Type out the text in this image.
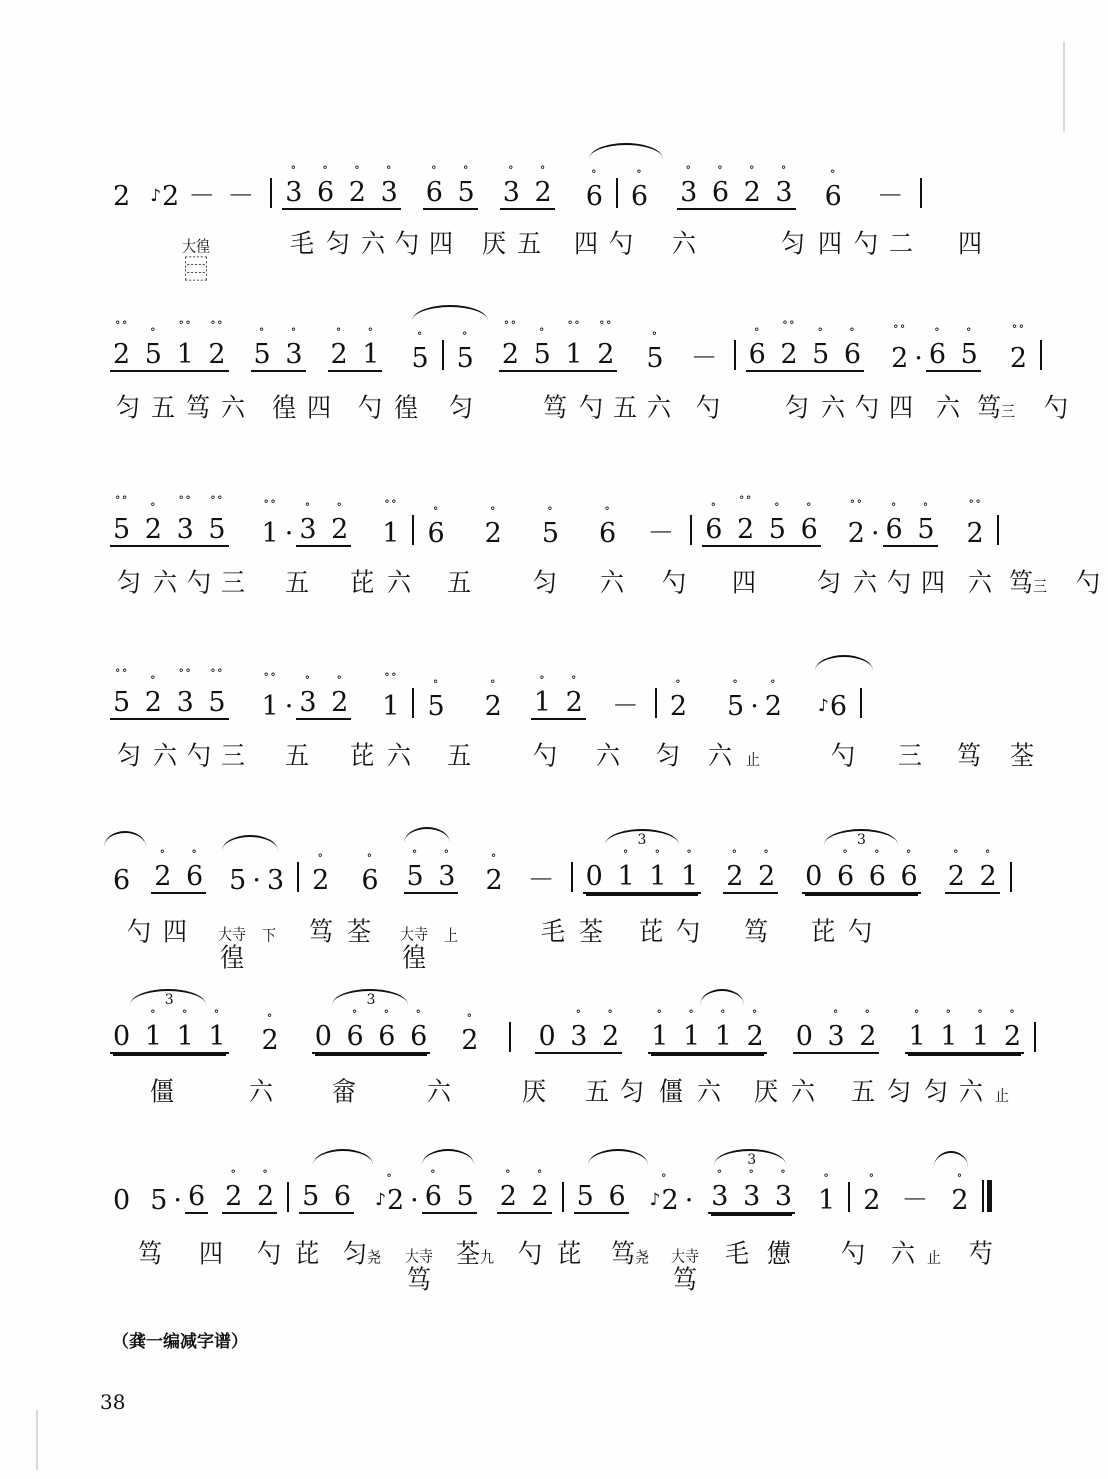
2 ♪2 － －
∘
3
∘
6
∘
2
∘
3
∘
6
∘
5
∘
3
∘
2
∘
6
∘
6
∘
3
∘
6
∘
2
∘
3
∘
6	－
大徨
⿳
毛 匀 六 勺 四 厌 五 四 勺	六	匀 四 勺 二 四
∘∘
2
∘
5
∘∘
1
∘∘
2
∘
5
∘
3
∘
2
∘
1
∘
5
∘
5
∘∘
2
∘
5
∘∘
1
∘∘
2
∘
5	－
∘
6
∘∘
2
∘
5
∘
6
∘∘
2 ·
∘
6
∘
5
∘∘
2
匀 五 笃 六 徨 四 勺 徨 匀	笃 勺 五 六 勺	匀 六 勺 四 六 笃三 勺
∘∘
5
∘
2
∘∘
3
∘∘
5
∘∘
1 ·
∘
3
∘
2
∘∘
1
∘
6
∘
2
∘
5
∘
6	－
∘
6
∘∘
2
∘
5
∘
6
∘∘
2 ·
∘
6
∘
5
∘∘
2
匀 六 勺 三 五	芘 六 五	匀 六 勺 四	匀 六 勺 四 六 笃三 勺
∘∘
5
∘
2
∘∘
3
∘∘
5
∘∘
1 ·
∘
3
∘
2
∘∘
1
∘
5
∘
2
∘
1
∘
2	－
∘
2
∘
5 ·
∘
2 ♪6
匀 六 勺 三 五	芘 六 五	勺 六 匀 六	止	勺 三 笃	荃
6
∘
2
∘
6 5 · 3
∘
2
∘
6
∘
5
∘
3
∘
2 －
3
0
∘
1
∘
1
∘
1
∘
2
∘
2
3
0
∘
6
∘
6
∘
6
∘
2
∘
2
勺 四	大寺
徨
下	笃 荃	大寺
徨
上	毛 荃 芘 勺	笃	芘 勺
3
0
∘
1
∘
1
∘
1
∘
2
3
0
∘
6
∘
6
∘
6
∘
2 0
∘
3
∘
2
∘
1
∘
1
∘
1
∘
2 0
∘
3
∘
2
∘
1
∘
1
∘
1
∘
2
僵	六	畲	六	厌	五 匀 僵 六	厌 六 五 匀 匀 六 止
0 5 · 6
∘
2
∘
2 5 6
∘
♪2 ·
∘
6 5
∘
2
∘
2 5 6
∘
♪2 ·
3
∘
3
∘
3
∘
3
∘
1
∘
2 －
∘
2
笃	四 勺 芘 匀尧	大寺
笃
荃九	勺 芘 笃尧	大寺
笃
毛 憊	勺 六 止 芍
（龚一编减字谱）
38
